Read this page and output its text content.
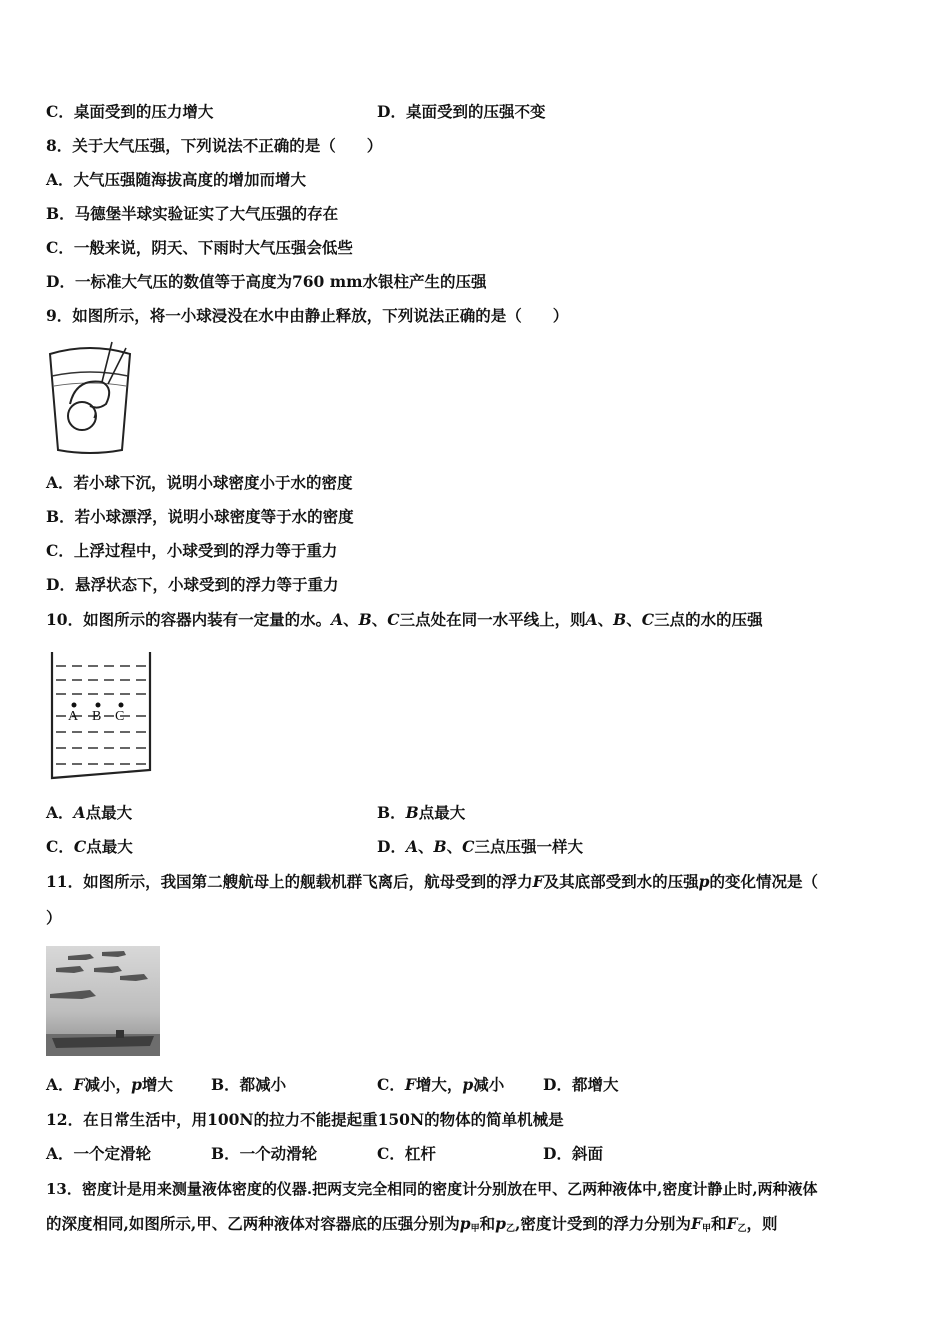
C．桌面受到的压力增大	D．桌面受到的压强不变
8．关于大气压强，下列说法不正确的是（　　）
A．大气压强随海拔高度的增加而增大
B．马德堡半球实验证实了大气压强的存在
C．一般来说，阴天、下雨时大气压强会低些
D．一标准大气压的数值等于高度为760 mm水银柱产生的压强
9．如图所示，将一小球浸没在水中由静止释放，下列说法正确的是（　　）
A．若小球下沉，说明小球密度小于水的密度
B．若小球漂浮，说明小球密度等于水的密度
C．上浮过程中，小球受到的浮力等于重力
D．悬浮状态下，小球受到的浮力等于重力
10．如图所示的容器内装有一定量的水。A、B、C三点处在同一水平线上，则A、B、C三点的水的压强
A B C
A．A点最大	B．B点最大
C．C点最大	D．A、B、C三点压强一样大
11．如图所示，我国第二艘航母上的舰载机群飞离后，航母受到的浮力F及其底部受到水的压强p的变化情况是（
）
A．F减小，p增大 B．都减小	C．F增大，p减小	D．都增大
12．在日常生活中，用100N的拉力不能提起重150N的物体的简单机械是
A．一个定滑轮	B．一个动滑轮	C．杠杆	D．斜面
13．密度计是用来测量液体密度的仪器.把两支完全相同的密度计分别放在甲、乙两种液体中,密度计静止时,两种液体
的深度相同,如图所示,甲、乙两种液体对容器底的压强分别为$p_甲$和$p_乙$,密度计受到的浮力分别为$F_甲$和$F_乙$，则
